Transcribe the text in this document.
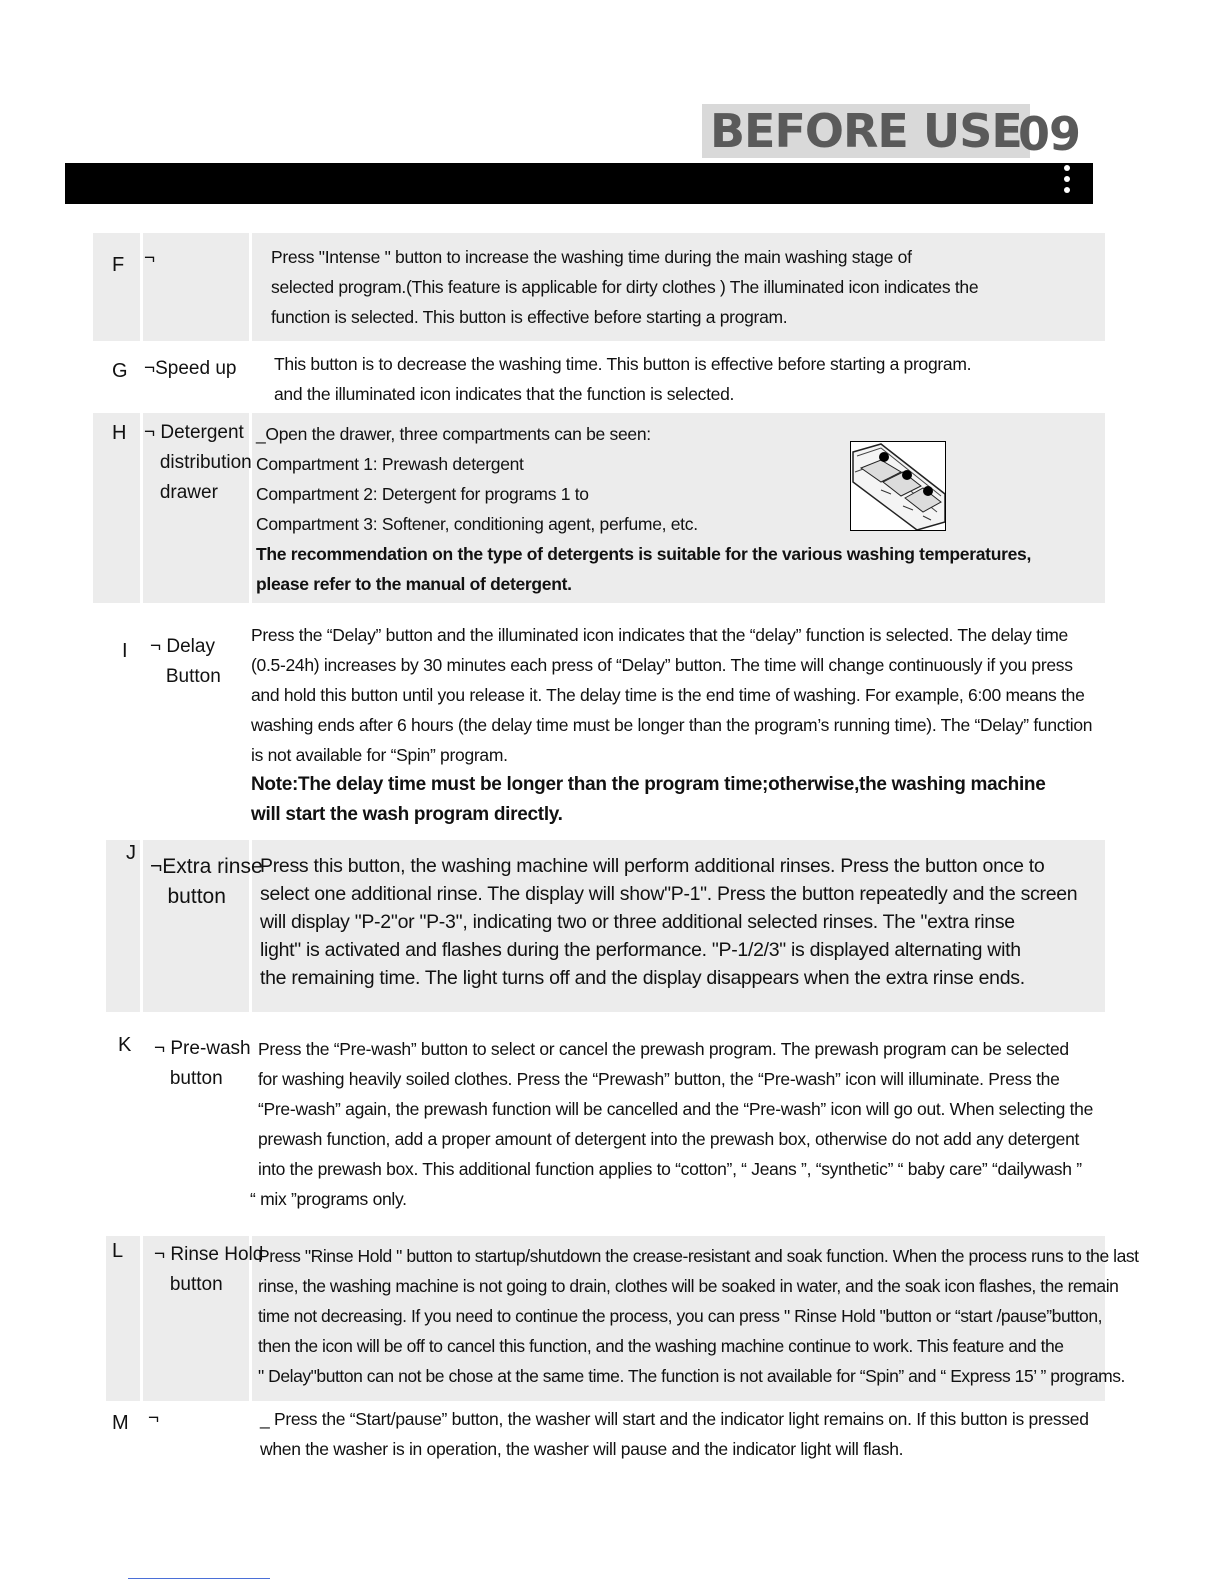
BEFORE USE
09
F ¬	Press "Intense " button to increase the washing time during the main washing stage of
selected program.(This feature is applicable for dirty clothes ) The illuminated icon indicates the
function is selected. This button is effective before starting a program.
G ¬Speed up This button is to decrease the washing time. This button is effective before starting a program.
and the illuminated icon indicates that the function is selected.
H ¬ Detergent
distribution
drawer
_Open the drawer, three compartments can be seen:
Compartment 1: Prewash detergent
Compartment 2: Detergent for programs 1 to
Compartment 3: Softener, conditioning agent, perfume, etc.
The recommendation on the type of detergents is suitable for the various washing temperatures,
please refer to the manual of detergent.
I ¬ Delay
Button
Press the “Delay” button and the illuminated icon indicates that the “delay” function is selected. The delay time
(0.5-24h) increases by 30 minutes each press of “Delay” button. The time will change continuously if you press
and hold this button until you release it. The delay time is the end time of washing. For example, 6:00 means the
washing ends after 6 hours (the delay time must be longer than the program’s running time). The “Delay” function
is not available for “Spin” program.
Note:The delay time must be longer than the program time;otherwise,the washing machine
will start the wash program directly.
J
¬Extra rinse
button
Press this button, the washing machine will perform additional rinses. Press the button once to
select one additional rinse. The display will show"P-1". Press the button repeatedly and the screen
will display "P-2''or "P-3'', indicating two or three additional selected rinses. The "extra rinse
light" is activated and flashes during the performance. "P-1/2/3" is displayed alternating with
the remaining time. The light turns off and the display disappears when the extra rinse ends.
K ¬ Pre-wash
button
Press the “Pre-wash” button to select or cancel the prewash program. The prewash program can be selected
for washing heavily soiled clothes. Press the “Prewash” button, the “Pre-wash” icon will illuminate. Press the
“Pre-wash” again, the prewash function will be cancelled and the “Pre-wash” icon will go out. When selecting the
prewash function, add a proper amount of detergent into the prewash box, otherwise do not add any detergent
into the prewash box. This additional function applies to “cotton”, “ Jeans ”, “synthetic” “ baby care” “dailywash ”
“ mix ”programs only.
L ¬ Rinse Hold
button
Press "Rinse Hold " button to startup/shutdown the crease-resistant and soak function. When the process runs to the last
rinse, the washing machine is not going to drain, clothes will be soaked in water, and the soak icon flashes, the remain
time not decreasing. If you need to continue the process, you can press " Rinse Hold "button or “start /pause”button,
then the icon will be off to cancel this function, and the washing machine continue to work. This feature and the
" Delay"button can not be chose at the same time. The function is not available for “Spin” and “ Express 15’ ” programs.
M ¬	_ Press the “Start/pause” button, the washer will start and the indicator light remains on. If this button is pressed
when the washer is in operation, the washer will pause and the indicator light will flash.
